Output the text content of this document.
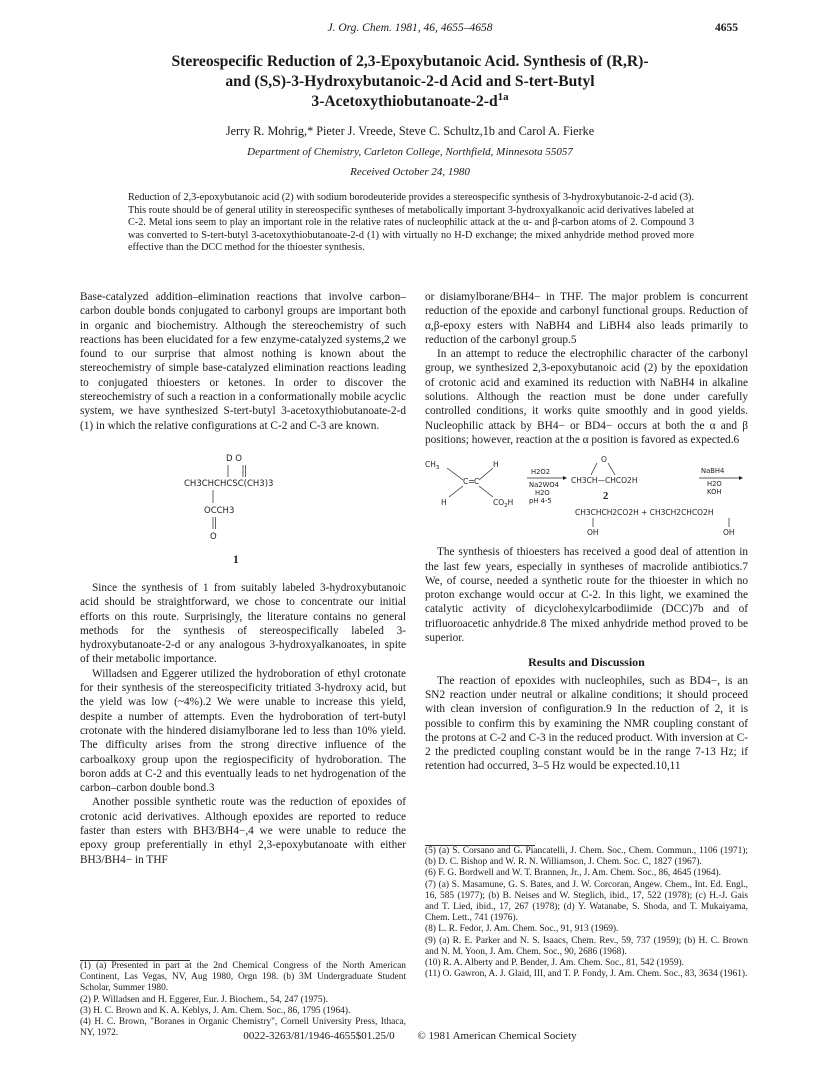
J. Org. Chem. 1981, 46, 4655–4658	4655
Stereospecific Reduction of 2,3-Epoxybutanoic Acid. Synthesis of (R,R)-
and (S,S)-3-Hydroxybutanoic-2-d Acid and S-tert-Butyl
$3-Acetoxythiobutanoate-2-d^{1a}$
Jerry R. Mohrig,* Pieter J. Vreede, Steve C. Schultz,1b and Carol A. Fierke
Department of Chemistry, Carleton College, Northfield, Minnesota 55057
Received October 24, 1980
Reduction of 2,3-epoxybutanoic acid (2) with sodium borodeuteride provides a stereospecific synthesis of 3-hydroxybutanoic-2-d acid (3). This route should be of general utility in stereospecific syntheses of metabolically important 3-hydroxyalkanoic acid derivatives labeled at C-2. Metal ions seem to play an important role in the relative rates of nucleophilic attack at the α- and β-carbon atoms of 2. Compound 3 was converted to S-tert-butyl 3-acetoxythiobutanoate-2-d (1) with virtually no H-D exchange; the mixed anhydride method proved more effective than the DCC method for the thioester synthesis.

Base-catalyzed addition–elimination reactions that involve carbon–carbon double bonds conjugated to carbonyl groups are important both in organic and biochemistry. Although the stereochemistry of such reactions has been elucidated for a few enzyme-catalyzed systems,2 we found to our surprise that almost nothing is known about the stereochemistry of simple base-catalyzed elimination reactions leading to conjugated thioesters or ketones. In order to discover the stereochemistry of such a reaction in a conformationally mobile acyclic system, we have synthesized S-tert-butyl 3-acetoxythiobutanoate-2-d (1) in which the relative configurations at C-2 and C-3 are known.

D O
CH3CHCHCSC(CH3)3
OCCH3
O
1

Since the synthesis of 1 from suitably labeled 3-hydroxybutanoic acid should be straightforward, we chose to concentrate our initial efforts on this route. Surprisingly, the literature contains no general methods for the synthesis of stereospecifically labeled 3-hydroxybutanoate-2-d or any analogous 3-hydroxyalkanoates, in spite of their metabolic importance.

Willadsen and Eggerer utilized the hydroboration of ethyl crotonate for their synthesis of the stereospecificity tritiated 3-hydroxy acid, but the yield was low (~4%).2 We were unable to increase this yield, despite a number of attempts. Even the hydroboration of tert-butyl crotonate with the hindered disiamylborane led to less than 10% yield. The difficulty arises from the strong directive influence of the carboalkoxy group upon the regiospecificity of hydroboration. The boron adds at C-2 and this eventually leads to net hydrogenation of the carbon–carbon double bond.3

Another possible synthetic route was the reduction of epoxides of crotonic acid derivatives. Although epoxides are reported to reduce faster than esters with BH3/BH4−,4 we were unable to reduce the epoxy group preferentially in ethyl 2,3-epoxybutanoate with either BH3/BH4− in THF

(1) (a) Presented in part at the 2nd Chemical Congress of the North American Continent, Las Vegas, NV, Aug 1980, Orgn 198. (b) 3M Undergraduate Student Scholar, Summer 1980.
(2) P. Willadsen and H. Eggerer, Eur. J. Biochem., 54, 247 (1975).
(3) H. C. Brown and K. A. Keblys, J. Am. Chem. Soc., 86, 1795 (1964).
(4) H. C. Brown, "Boranes in Organic Chemistry", Cornell University Press, Ithaca, NY, 1972.

or disiamylborane/BH4− in THF. The major problem is concurrent reduction of the epoxide and carbonyl functional groups. Reduction of α,β-epoxy esters with NaBH4 and LiBH4 also leads primarily to reduction of the carbonyl group.5

In an attempt to reduce the electrophilic character of the carbonyl group, we synthesized 2,3-epoxybutanoic acid (2) by the epoxidation of crotonic acid and examined its reduction with NaBH4 in alkaline solutions. Although the reaction must be done under carefully controlled conditions, it works quite smoothly and in good yields. Nucleophilic attack by BH4− or BD4− occurs at both the α and β positions; however, reaction at the α position is favored as expected.6

$CH_3$	H
C C
H	$CO_2H$
H2O2
Na2WO4
H2O
pH 4-5
O
CH3CH—CHCO2H
2
NaBH4
H2O
KOH
CH3CHCH2CO2H + CH3CH2CHCO2H
OH	OH

The synthesis of thioesters has received a good deal of attention in the last few years, especially in syntheses of macrolide antibiotics.7 We, of course, needed a synthetic route for the thioester in which no proton exchange would occur at C-2. In this light, we examined the catalytic activity of dicyclohexylcarbodiimide (DCC)7b and of trifluoroacetic anhydride.8 The mixed anhydride method proved to be superior.

Results and Discussion

The reaction of epoxides with nucleophiles, such as BD4−, is an SN2 reaction under neutral or alkaline conditions; it should proceed with clean inversion of configuration.9 In the reduction of 2, it is possible to confirm this by examining the NMR coupling constant of the protons at C-2 and C-3 in the reduced product. With inversion at C-2 the predicted coupling constant would be in the range 7-13 Hz; if retention had occurred, 3–5 Hz would be expected.10,11

(5) (a) S. Corsano and G. Piancatelli, J. Chem. Soc., Chem. Commun., 1106 (1971); (b) D. C. Bishop and W. R. N. Williamson, J. Chem. Soc. C, 1827 (1967).
(6) F. G. Bordwell and W. T. Brannen, Jr., J. Am. Chem. Soc., 86, 4645 (1964).
(7) (a) S. Masamune, G. S. Bates, and J. W. Corcoran, Angew. Chem., Int. Ed. Engl., 16, 585 (1977); (b) B. Neises and W. Steglich, ibid., 17, 522 (1978); (c) H.-J. Gais and T. Lied, ibid., 17, 267 (1978); (d) Y. Watanabe, S. Shoda, and T. Mukaiyama, Chem. Lett., 741 (1976).
(8) L. R. Fedor, J. Am. Chem. Soc., 91, 913 (1969).
(9) (a) R. E. Parker and N. S. Isaacs, Chem. Rev., 59, 737 (1959); (b) H. C. Brown and N. M. Yoon, J. Am. Chem. Soc., 90, 2686 (1968).
(10) R. A. Alberty and P. Bender, J. Am. Chem. Soc., 81, 542 (1959).
(11) O. Gawron, A. J. Glaid, III, and T. P. Fondy, J. Am. Chem. Soc., 83, 3634 (1961).
0022-3263/81/1946-4655$01.25/0 © 1981 American Chemical Society
